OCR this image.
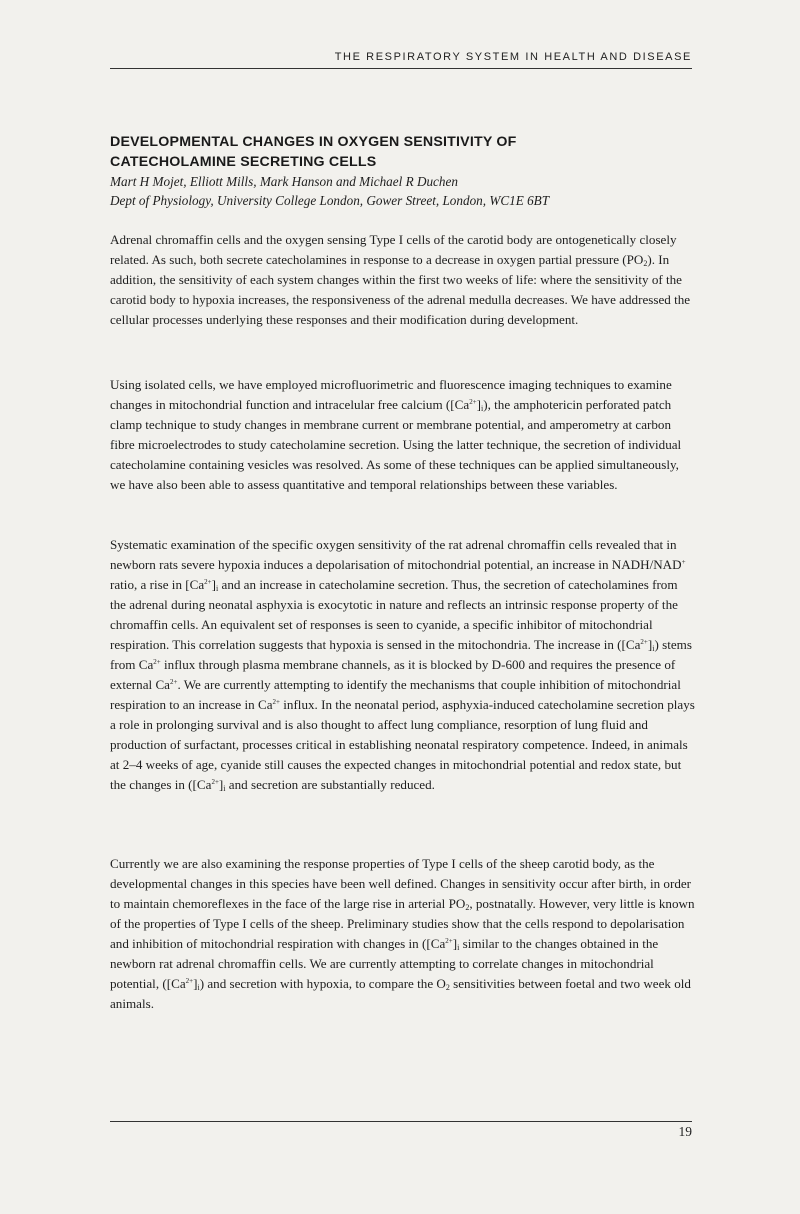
THE RESPIRATORY SYSTEM IN HEALTH AND DISEASE
DEVELOPMENTAL CHANGES IN OXYGEN SENSITIVITY OF CATECHOLAMINE SECRETING CELLS

Mart H Mojet, Elliott Mills, Mark Hanson and Michael R Duchen

Dept of Physiology, University College London, Gower Street, London, WC1E 6BT

Adrenal chromaffin cells and the oxygen sensing Type I cells of the carotid body are ontogenetically closely related. As such, both secrete catecholamines in response to a decrease in oxygen partial pressure $(PO_2)$. In addition, the sensitivity of each system changes within the first two weeks of life: where the sensitivity of the carotid body to hypoxia increases, the responsiveness of the adrenal medulla decreases. We have addressed the cellular processes underlying these responses and their modification during development.

Using isolated cells, we have employed microfluorimetric and fluorescence imaging techniques to examine changes in mitochondrial function and intracelular free calcium $([Ca^{2+}]_i)$, the amphotericin perforated patch clamp technique to study changes in membrane current or membrane potential, and amperometry at carbon fibre microelectrodes to study catecholamine secretion. Using the latter technique, the secretion of individual catecholamine containing vesicles was resolved. As some of these techniques can be applied simultaneously, we have also been able to assess quantitative and temporal relationships between these variables.

Systematic examination of the specific oxygen sensitivity of the rat adrenal chromaffin cells revealed that in newborn rats severe hypoxia induces a depolarisation of mitochondrial potential, an increase in NADH/NAD+ ratio, a rise in $[Ca^{2+}]_i$ and an increase in catecholamine secretion. Thus, the secretion of catecholamines from the adrenal during neonatal asphyxia is exocytotic in nature and reflects an intrinsic response property of the chromaffin cells. An equivalent set of responses is seen to cyanide, a specific inhibitor of mitochondrial respiration. This correlation suggests that hypoxia is sensed in the mitochondria. The increase in $([Ca^{2+}]_i)$ stems from $Ca^{2+}$ influx through plasma membrane channels, as it is blocked by D-600 and requires the presence of external $Ca^{2+}$. We are currently attempting to identify the mechanisms that couple inhibition of mitochondrial respiration to an increase in $Ca^{2+}$ influx. In the neonatal period, asphyxia-induced catecholamine secretion plays a role in prolonging survival and is also thought to affect lung compliance, resorption of lung fluid and production of surfactant, processes critical in establishing neonatal respiratory competence. Indeed, in animals at 2–4 weeks of age, cyanide still causes the expected changes in mitochondrial potential and redox state, but the changes in ($[Ca^{2+}]_i$ and secretion are substantially reduced.

Currently we are also examining the response properties of Type I cells of the sheep carotid body, as the developmental changes in this species have been well defined. Changes in sensitivity occur after birth, in order to maintain chemoreflexes in the face of the large rise in arterial $PO_2$, postnatally. However, very little is known of the properties of Type I cells of the sheep. Preliminary studies show that the cells respond to depolarisation and inhibition of mitochondrial respiration with changes in ($[Ca^{2+}]_i$ similar to the changes obtained in the newborn rat adrenal chromaffin cells. We are currently attempting to correlate changes in mitochondrial potential, $([Ca^{2+}]_i)$ and secretion with hypoxia, to compare the $O_2$ sensitivities between foetal and two week old animals.

19
